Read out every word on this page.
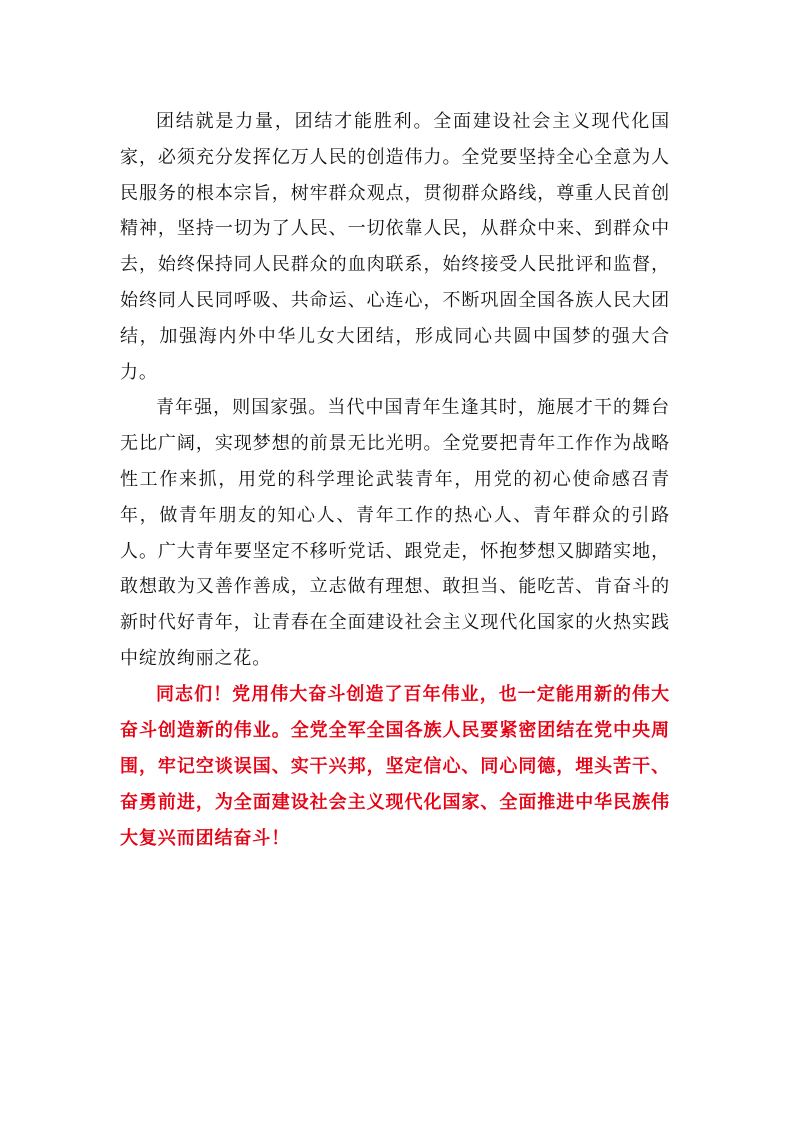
团结就是力量，团结才能胜利。全面建设社会主义现代化国家，必须充分发挥亿万人民的创造伟力。全党要坚持全心全意为人民服务的根本宗旨，树牢群众观点，贯彻群众路线，尊重人民首创精神，坚持一切为了人民、一切依靠人民，从群众中来、到群众中去，始终保持同人民群众的血肉联系，始终接受人民批评和监督，始终同人民同呼吸、共命运、心连心，不断巩固全国各族人民大团结，加强海内外中华儿女大团结，形成同心共圆中国梦的强大合力。

青年强，则国家强。当代中国青年生逢其时，施展才干的舞台无比广阔，实现梦想的前景无比光明。全党要把青年工作作为战略性工作来抓，用党的科学理论武装青年，用党的初心使命感召青年，做青年朋友的知心人、青年工作的热心人、青年群众的引路人。广大青年要坚定不移听党话、跟党走，怀抱梦想又脚踏实地，敢想敢为又善作善成，立志做有理想、敢担当、能吃苦、肯奋斗的新时代好青年，让青春在全面建设社会主义现代化国家的火热实践中绽放绚丽之花。

同志们！党用伟大奋斗创造了百年伟业，也一定能用新的伟大奋斗创造新的伟业。全党全军全国各族人民要紧密团结在党中央周围，牢记空谈误国、实干兴邦，坚定信心、同心同德，埋头苦干、奋勇前进，为全面建设社会主义现代化国家、全面推进中华民族伟大复兴而团结奋斗！
